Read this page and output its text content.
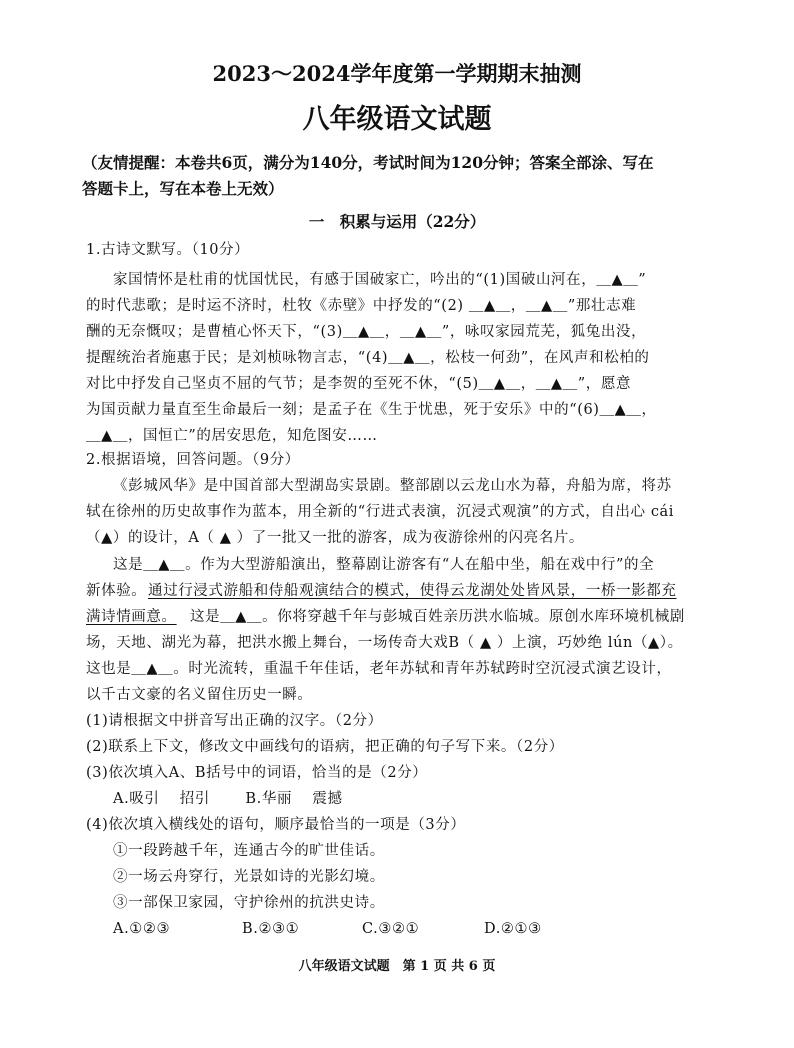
2023～2024学年度第一学期期末抽测
八年级语文试题
（友情提醒：本卷共6页，满分为140分，考试时间为120分钟；答案全部涂、写在
答题卡上，写在本卷上无效）
一　积累与运用（22分）
1.古诗文默写。（10分）
家国情怀是杜甫的忧国忧民，有感于国破家亡，吟出的“(1)国破山河在，＿▲＿”
的时代悲歌；是时运不济时，杜牧《赤壁》中抒发的“(2) ＿▲＿，＿▲＿”那壮志难
酬的无奈慨叹；是曹植心怀天下，“(3)＿▲＿，＿▲＿”，咏叹家园荒芜，狐兔出没，
提醒统治者施惠于民；是刘桢咏物言志，“(4)＿▲＿，松枝一何劲”，在风声和松柏的
对比中抒发自己坚贞不屈的气节；是李贺的至死不休，“(5)＿▲＿，＿▲＿”，愿意
为国贡献力量直至生命最后一刻；是孟子在《生于忧患，死于安乐》中的“(6)＿▲＿，
＿▲＿，国恒亡”的居安思危，知危图安……
2.根据语境，回答问题。（9分）
《彭城风华》是中国首部大型湖岛实景剧。整部剧以云龙山水为幕，舟船为席，将苏
轼在徐州的历史故事作为蓝本，用全新的“行进式表演，沉浸式观演”的方式，自出心 cái
（▲）的设计，A（ ▲ ）了一批又一批的游客，成为夜游徐州的闪亮名片。
这是＿▲＿。作为大型游船演出，整幕剧让游客有“人在船中坐，船在戏中行”的全
新体验。 通过行浸式游船和侍船观演结合的模式，使得云龙湖处处皆风景，一桥一影都充
满诗情画意。 这是＿▲＿。你将穿越千年与彭城百姓亲历洪水临城。原创水库环境机械剧
场，天地、湖光为幕，把洪水搬上舞台，一场传奇大戏B（ ▲ ）上演，巧妙绝 lún（▲）。
这也是＿▲＿。时光流转，重温千年佳话，老年苏轼和青年苏轼跨时空沉浸式演艺设计，
以千古文豪的名义留住历史一瞬。
(1)请根据文中拼音写出正确的汉字。（2分）
(2)联系上下文，修改文中画线句的语病，把正确的句子写下来。（2分）
(3)依次填入A、B括号中的词语，恰当的是（2分）
A.吸引　 招引　　 B.华丽　 震撼
(4)依次填入横线处的语句，顺序最恰当的一项是（3分）
①一段跨越千年，连通古今的旷世佳话。
②一场云舟穿行，光景如诗的光影幻境。
③一部保卫家园，守护徐州的抗洪史诗。
A.①②③	B.②③①	C.③②①	D.②①③
八年级语文试题　第 1 页 共 6 页
